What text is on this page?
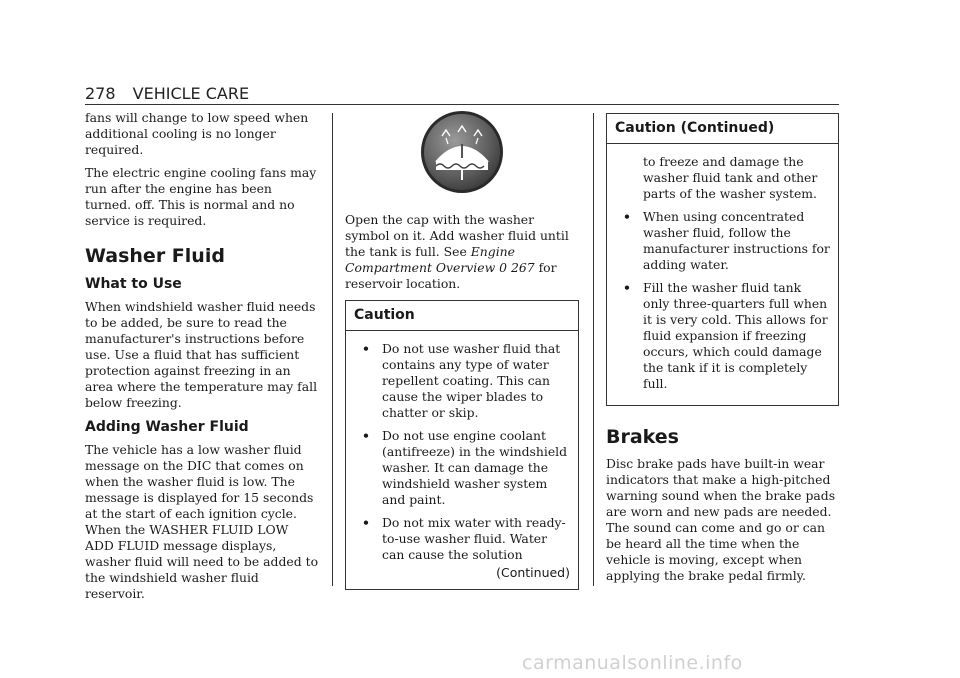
278 VEHICLE CARE

fans will change to low speed when additional cooling is no longer required.

The electric engine cooling fans may run after the engine has been turned. off. This is normal and no service is required.

Washer Fluid
What to Use

When windshield washer fluid needs to be added, be sure to read the manufacturer's instructions before use. Use a fluid that has sufficient protection against freezing in an area where the temperature may fall below freezing.

Adding Washer Fluid

The vehicle has a low washer fluid message on the DIC that comes on when the washer fluid is low. The message is displayed for 15 seconds at the start of each ignition cycle. When the WASHER FLUID LOW ADD FLUID message displays, washer fluid will need to be added to the windshield washer fluid reservoir.

Open the cap with the washer symbol on it. Add washer fluid until the tank is full. See Engine Compartment Overview 0 267 for reservoir location.

Caution
• Do not use washer fluid that contains any type of water repellent coating. This can cause the wiper blades to chatter or skip.
• Do not use engine coolant (antifreeze) in the windshield washer. It can damage the windshield washer system and paint.
• Do not mix water with ready-to-use washer fluid. Water can cause the solution
(Continued)
Caution (Continued)

to freeze and damage the washer fluid tank and other parts of the washer system.

• When using concentrated washer fluid, follow the manufacturer instructions for adding water.
• Fill the washer fluid tank only three-quarters full when it is very cold. This allows for fluid expansion if freezing occurs, which could damage the tank if it is completely full.
Brakes

Disc brake pads have built-in wear indicators that make a high-pitched warning sound when the brake pads are worn and new pads are needed. The sound can come and go or can be heard all the time when the vehicle is moving, except when applying the brake pedal firmly.

carmanualsonline.info
